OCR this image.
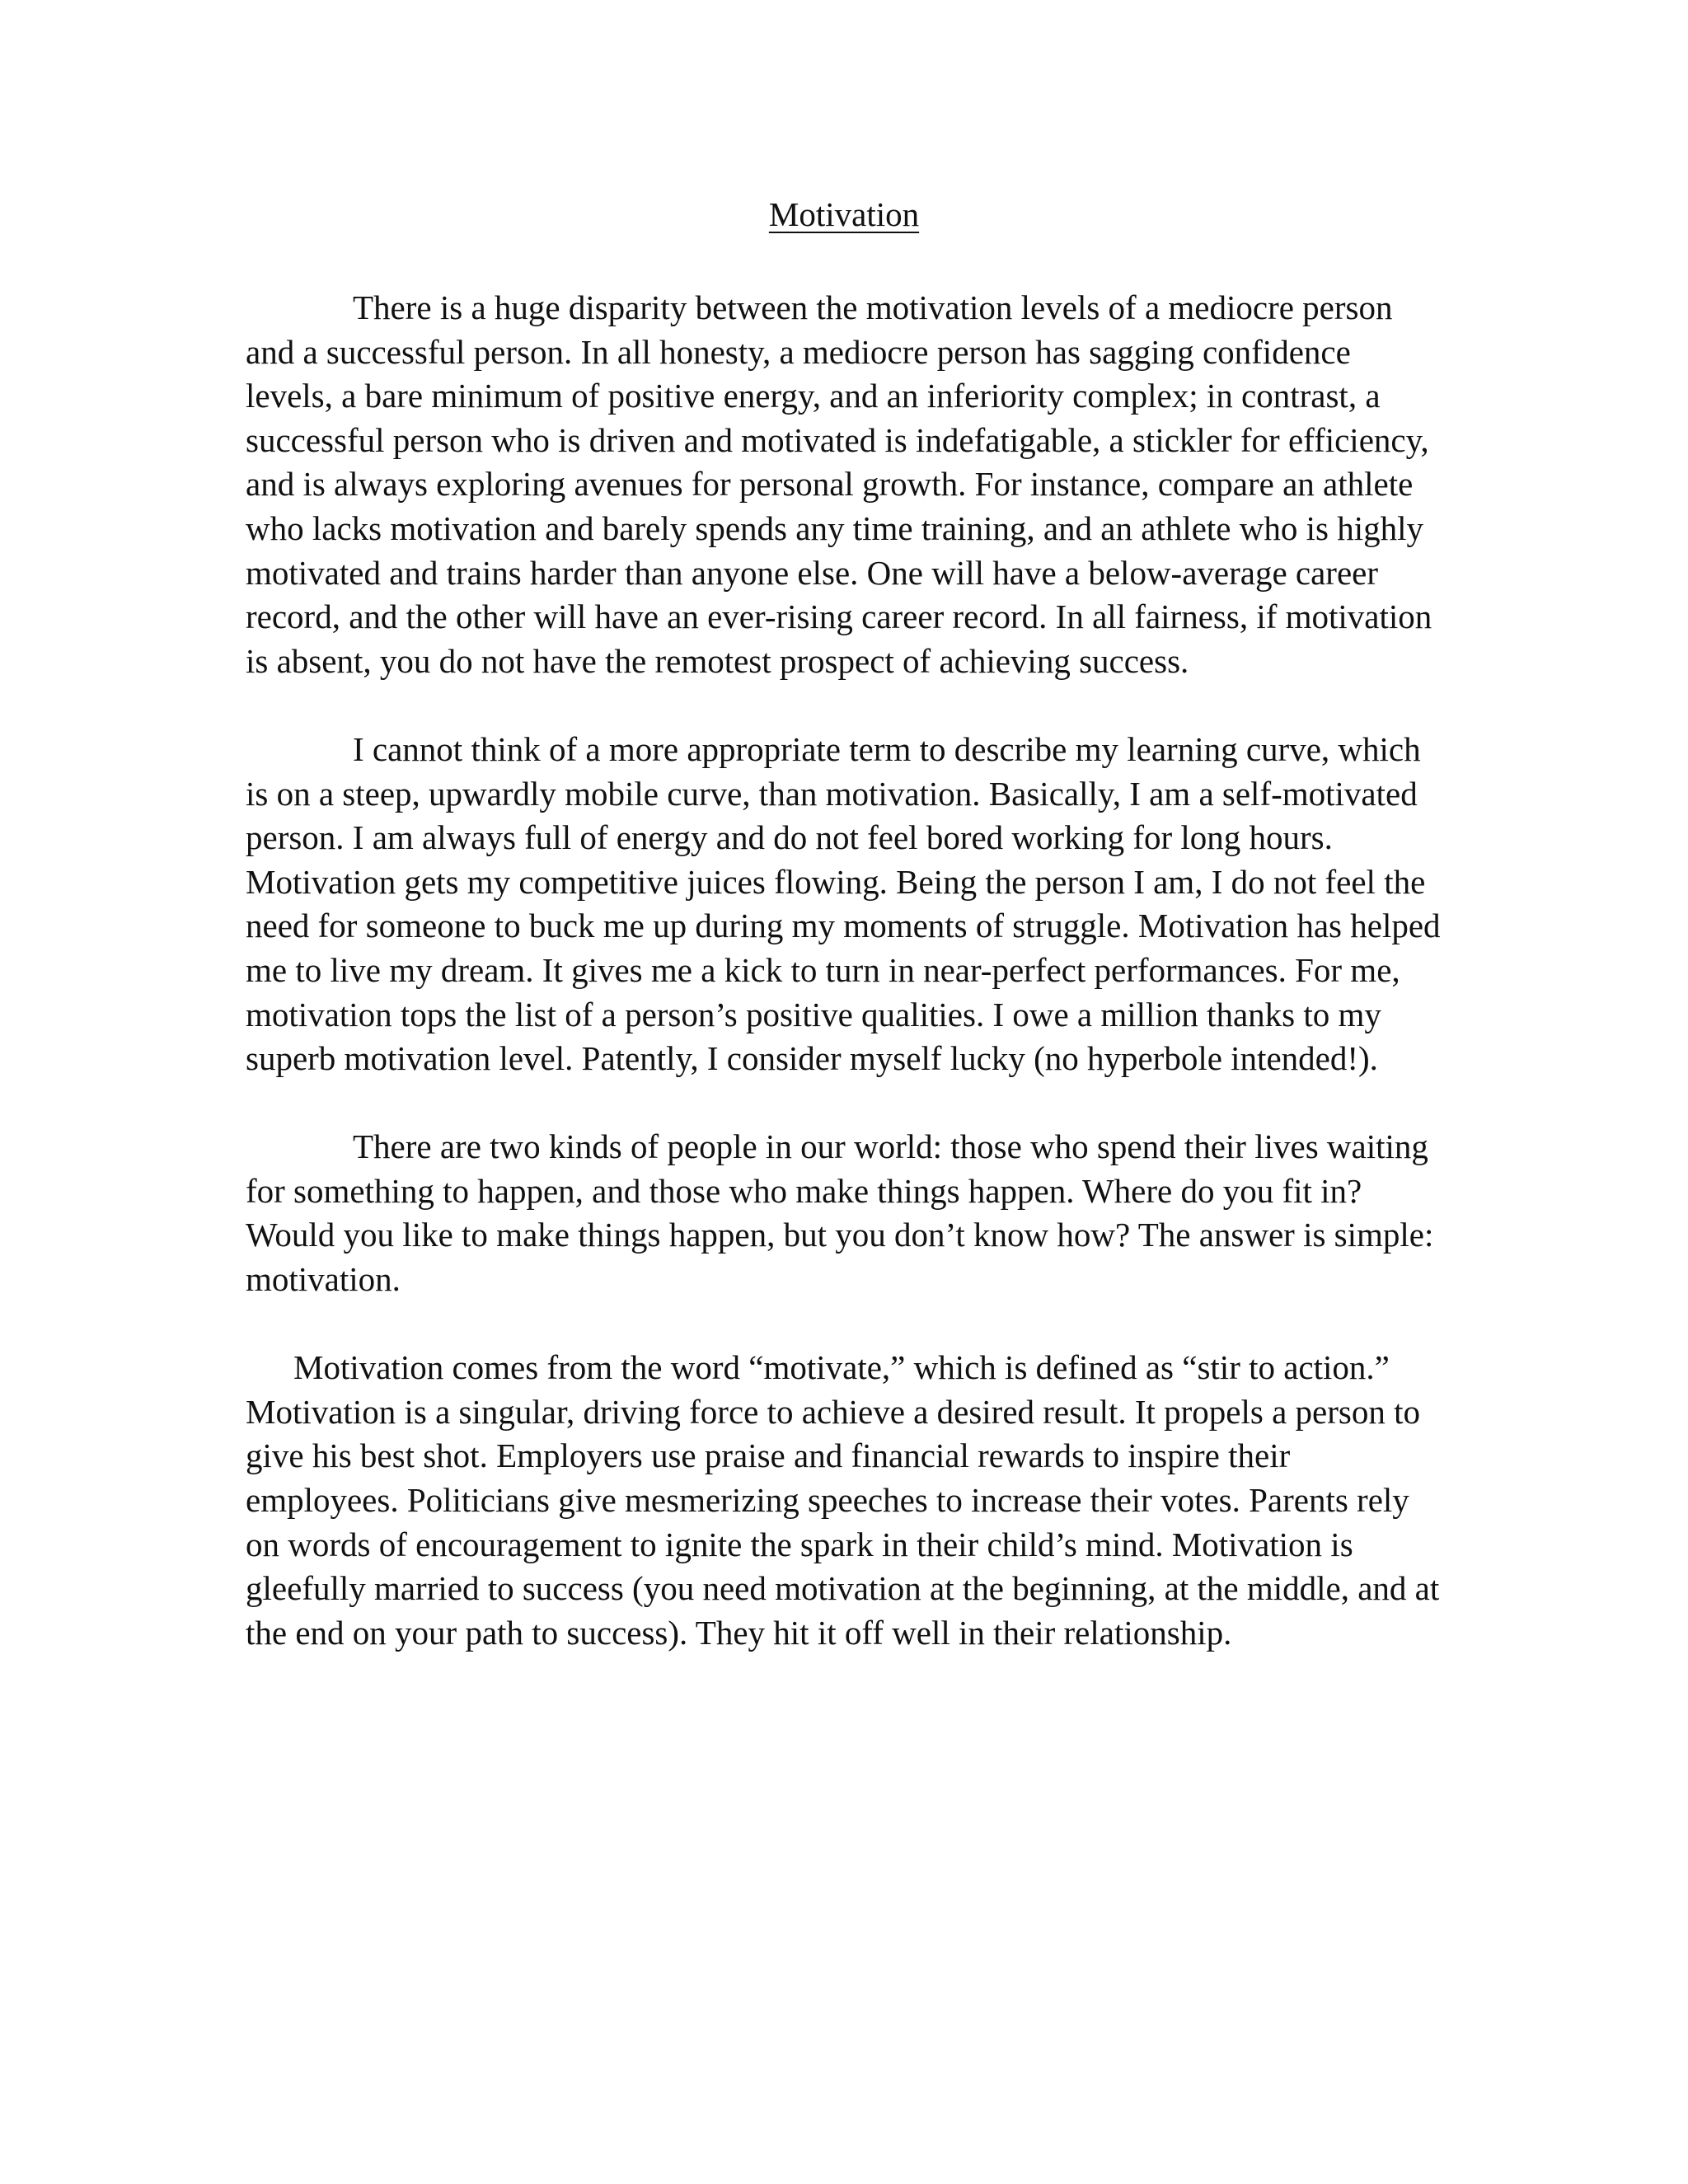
Motivation

There is a huge disparity between the motivation levels of a mediocre person and a successful person. In all honesty, a mediocre person has sagging confidence levels, a bare minimum of positive energy, and an inferiority complex; in contrast, a successful person who is driven and motivated is indefatigable, a stickler for efficiency, and is always exploring avenues for personal growth. For instance, compare an athlete who lacks motivation and barely spends any time training, and an athlete who is highly motivated and trains harder than anyone else. One will have a below-average career record, and the other will have an ever-rising career record. In all fairness, if motivation is absent, you do not have the remotest prospect of achieving success.

I cannot think of a more appropriate term to describe my learning curve, which is on a steep, upwardly mobile curve, than motivation. Basically, I am a self-motivated person. I am always full of energy and do not feel bored working for long hours. Motivation gets my competitive juices flowing. Being the person I am, I do not feel the need for someone to buck me up during my moments of struggle. Motivation has helped me to live my dream. It gives me a kick to turn in near-perfect performances. For me, motivation tops the list of a person’s positive qualities. I owe a million thanks to my superb motivation level. Patently, I consider myself lucky (no hyperbole intended!).

There are two kinds of people in our world: those who spend their lives waiting for something to happen, and those who make things happen. Where do you fit in? Would you like to make things happen, but you don’t know how? The answer is simple: motivation.

Motivation comes from the word “motivate,” which is defined as “stir to action.” Motivation is a singular, driving force to achieve a desired result. It propels a person to give his best shot. Employers use praise and financial rewards to inspire their employees. Politicians give mesmerizing speeches to increase their votes. Parents rely on words of encouragement to ignite the spark in their child’s mind. Motivation is gleefully married to success (you need motivation at the beginning, at the middle, and at the end on your path to success). They hit it off well in their relationship.
